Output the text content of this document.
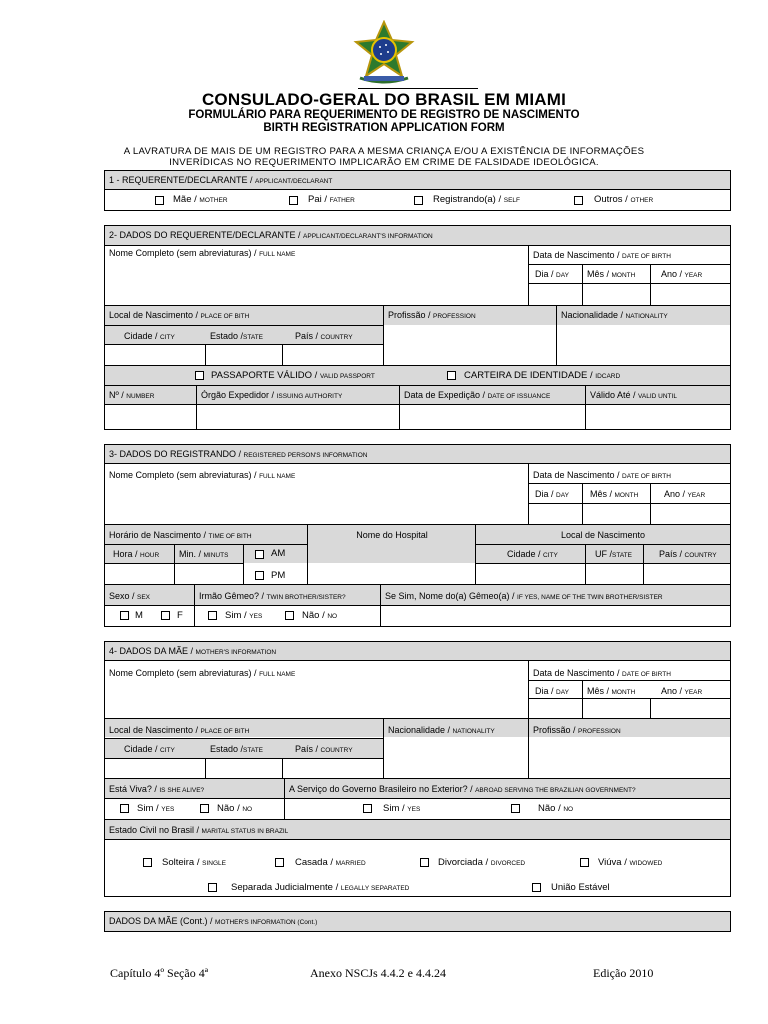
CONSULADO-GERAL DO BRASIL EM MIAMI
FORMULÁRIO PARA REQUERIMENTO DE REGISTRO DE NASCIMENTO
BIRTH REGISTRATION APPLICATION FORM
A LAVRATURA DE MAIS DE UM REGISTRO PARA A MESMA CRIANÇA E/OU A EXISTÊNCIA DE INFORMAÇÕES
INVERÍDICAS NO REQUERIMENTO IMPLICARÃO EM CRIME DE FALSIDADE IDEOLÓGICA.
1 - REQUERENTE/DECLARANTE / APPLICANT/DECLARANT
Mãe / MOTHER	Pai / FATHER	Registrando(a) / SELF	Outros / OTHER
2- DADOS DO REQUERENTE/DECLARANTE / APPLICANT/DECLARANT'S INFORMATION
Nome Completo (sem abreviaturas) / FULL NAME	Data de Nascimento / DATE OF BIRTH
Dia / DAY	Mês / MONTH	Ano / YEAR
Local de Nascimento / PLACE OF BITH	Profissão / PROFESSION	Nacionalidade / NATIONALITY
Cidade / CITY	Estado /STATE	País / COUNTRY
PASSAPORTE VÁLIDO / VALID PASSPORT	CARTEIRA DE IDENTIDADE / IDCARD
Nº / NUMBER	Órgão Expedidor / ISSUING AUTHORITY	Data de Expedição / DATE OF ISSUANCE	Válido Até / VALID UNTIL
3- DADOS DO REGISTRANDO / REGISTERED PERSON'S INFORMATION
Nome Completo (sem abreviaturas) / FULL NAME	Data de Nascimento / DATE OF BIRTH
Dia / DAY	Mês / MONTH	Ano / YEAR
Horário de Nascimento / TIME OF BITH	Nome do Hospital	Local de Nascimento
Hora / HOUR	Min. / MINUTS	AM
PM
Cidade / CITY	UF /STATE	País / COUNTRY
Sexo / SEX	Irmão Gêmeo? / TWIN BROTHER/SISTER?	Se Sim, Nome do(a) Gêmeo(a) / IF YES, NAME OF THE TWIN BROTHER/SISTER
M	F	Sim / YES	Não / NO
4- DADOS DA MÃE / MOTHER'S INFORMATION
Nome Completo (sem abreviaturas) / FULL NAME	Data de Nascimento / DATE OF BIRTH
Dia / DAY	Mês / MONTH	Ano / YEAR
Local de Nascimento / PLACE OF BITH	Nacionalidade / NATIONALITY	Profissão / PROFESSION
Cidade / CITY	Estado /STATE	País / COUNTRY
Está Viva? / IS SHE ALIVE?	A Serviço do Governo Brasileiro no Exterior? / ABROAD SERVING THE BRAZILIAN GOVERNMENT?
Sim / YES	Não / NO	Sim / YES	Não / NO
Estado Civil no Brasil / MARITAL STATUS IN BRAZIL
Solteira / SINGLE	Casada / MARRIED	Divorciada / DIVORCED	Viúva / WIDOWED
Separada Judicialmente / LEGALLY SEPARATED	União Estável
DADOS DA MÃE (Cont.) / MOTHER'S INFORMATION (Cont.)
Capítulo 4º Seção 4ª	Anexo NSCJs 4.4.2 e 4.4.24	Edição 2010
